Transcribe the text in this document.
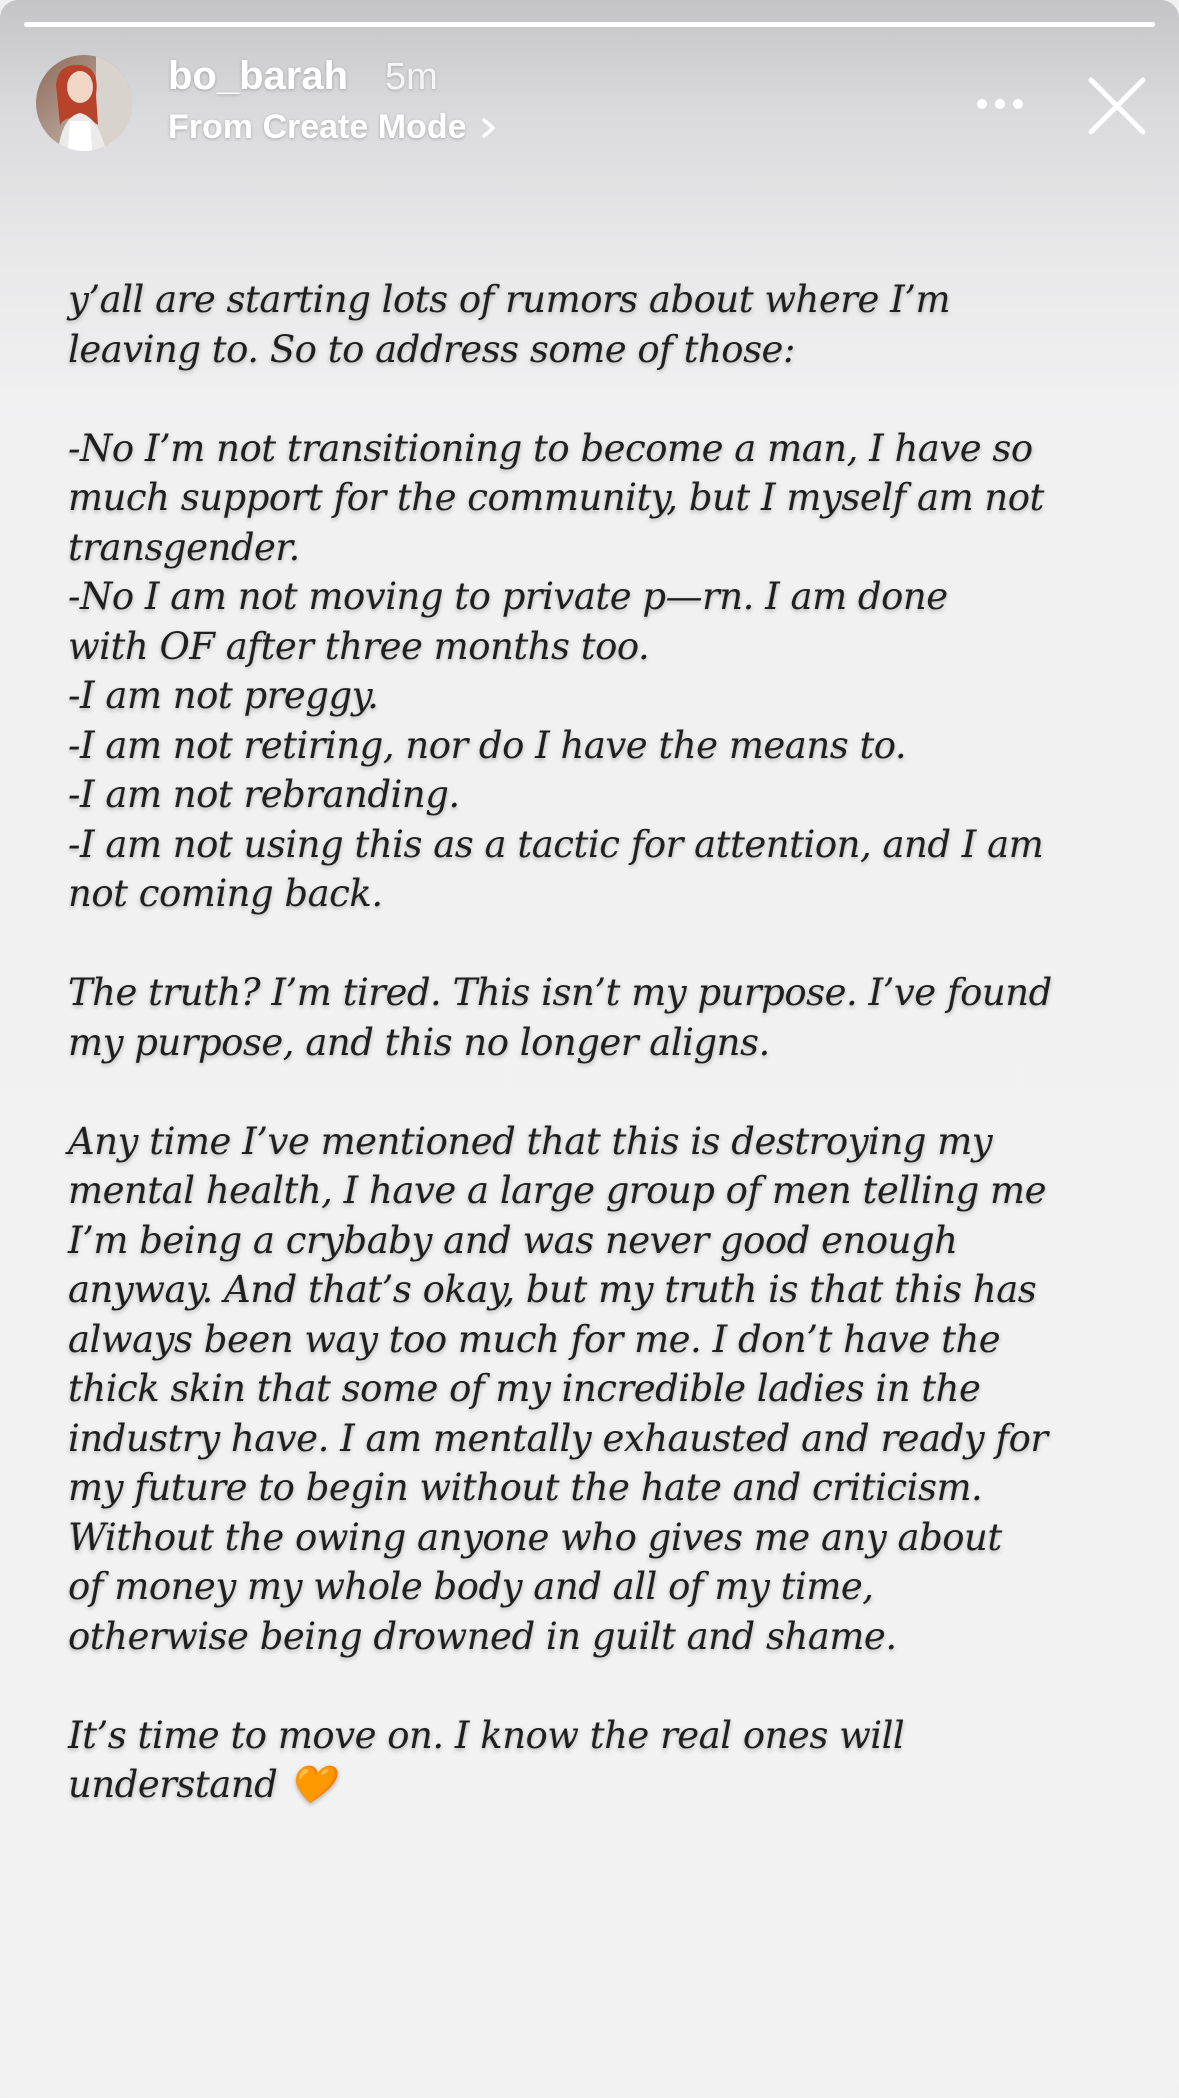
bo_barah 5m
From Create Mode

y’all are starting lots of rumors about where I’m
leaving to. So to address some of those:

-No I’m not transitioning to become a man, I have so
much support for the community, but I myself am not
transgender.
-No I am not moving to private p—rn. I am done
with OF after three months too.
-I am not preggy.
-I am not retiring, nor do I have the means to.
-I am not rebranding.
-I am not using this as a tactic for attention, and I am
not coming back.

The truth? I’m tired. This isn’t my purpose. I’ve found
my purpose, and this no longer aligns.

Any time I’ve mentioned that this is destroying my
mental health, I have a large group of men telling me
I’m being a crybaby and was never good enough
anyway. And that’s okay, but my truth is that this has
always been way too much for me. I don’t have the
thick skin that some of my incredible ladies in the
industry have. I am mentally exhausted and ready for
my future to begin without the hate and criticism.
Without the owing anyone who gives me any about
of money my whole body and all of my time,
otherwise being drowned in guilt and shame.

It’s time to move on. I know the real ones will
understand 🧡
